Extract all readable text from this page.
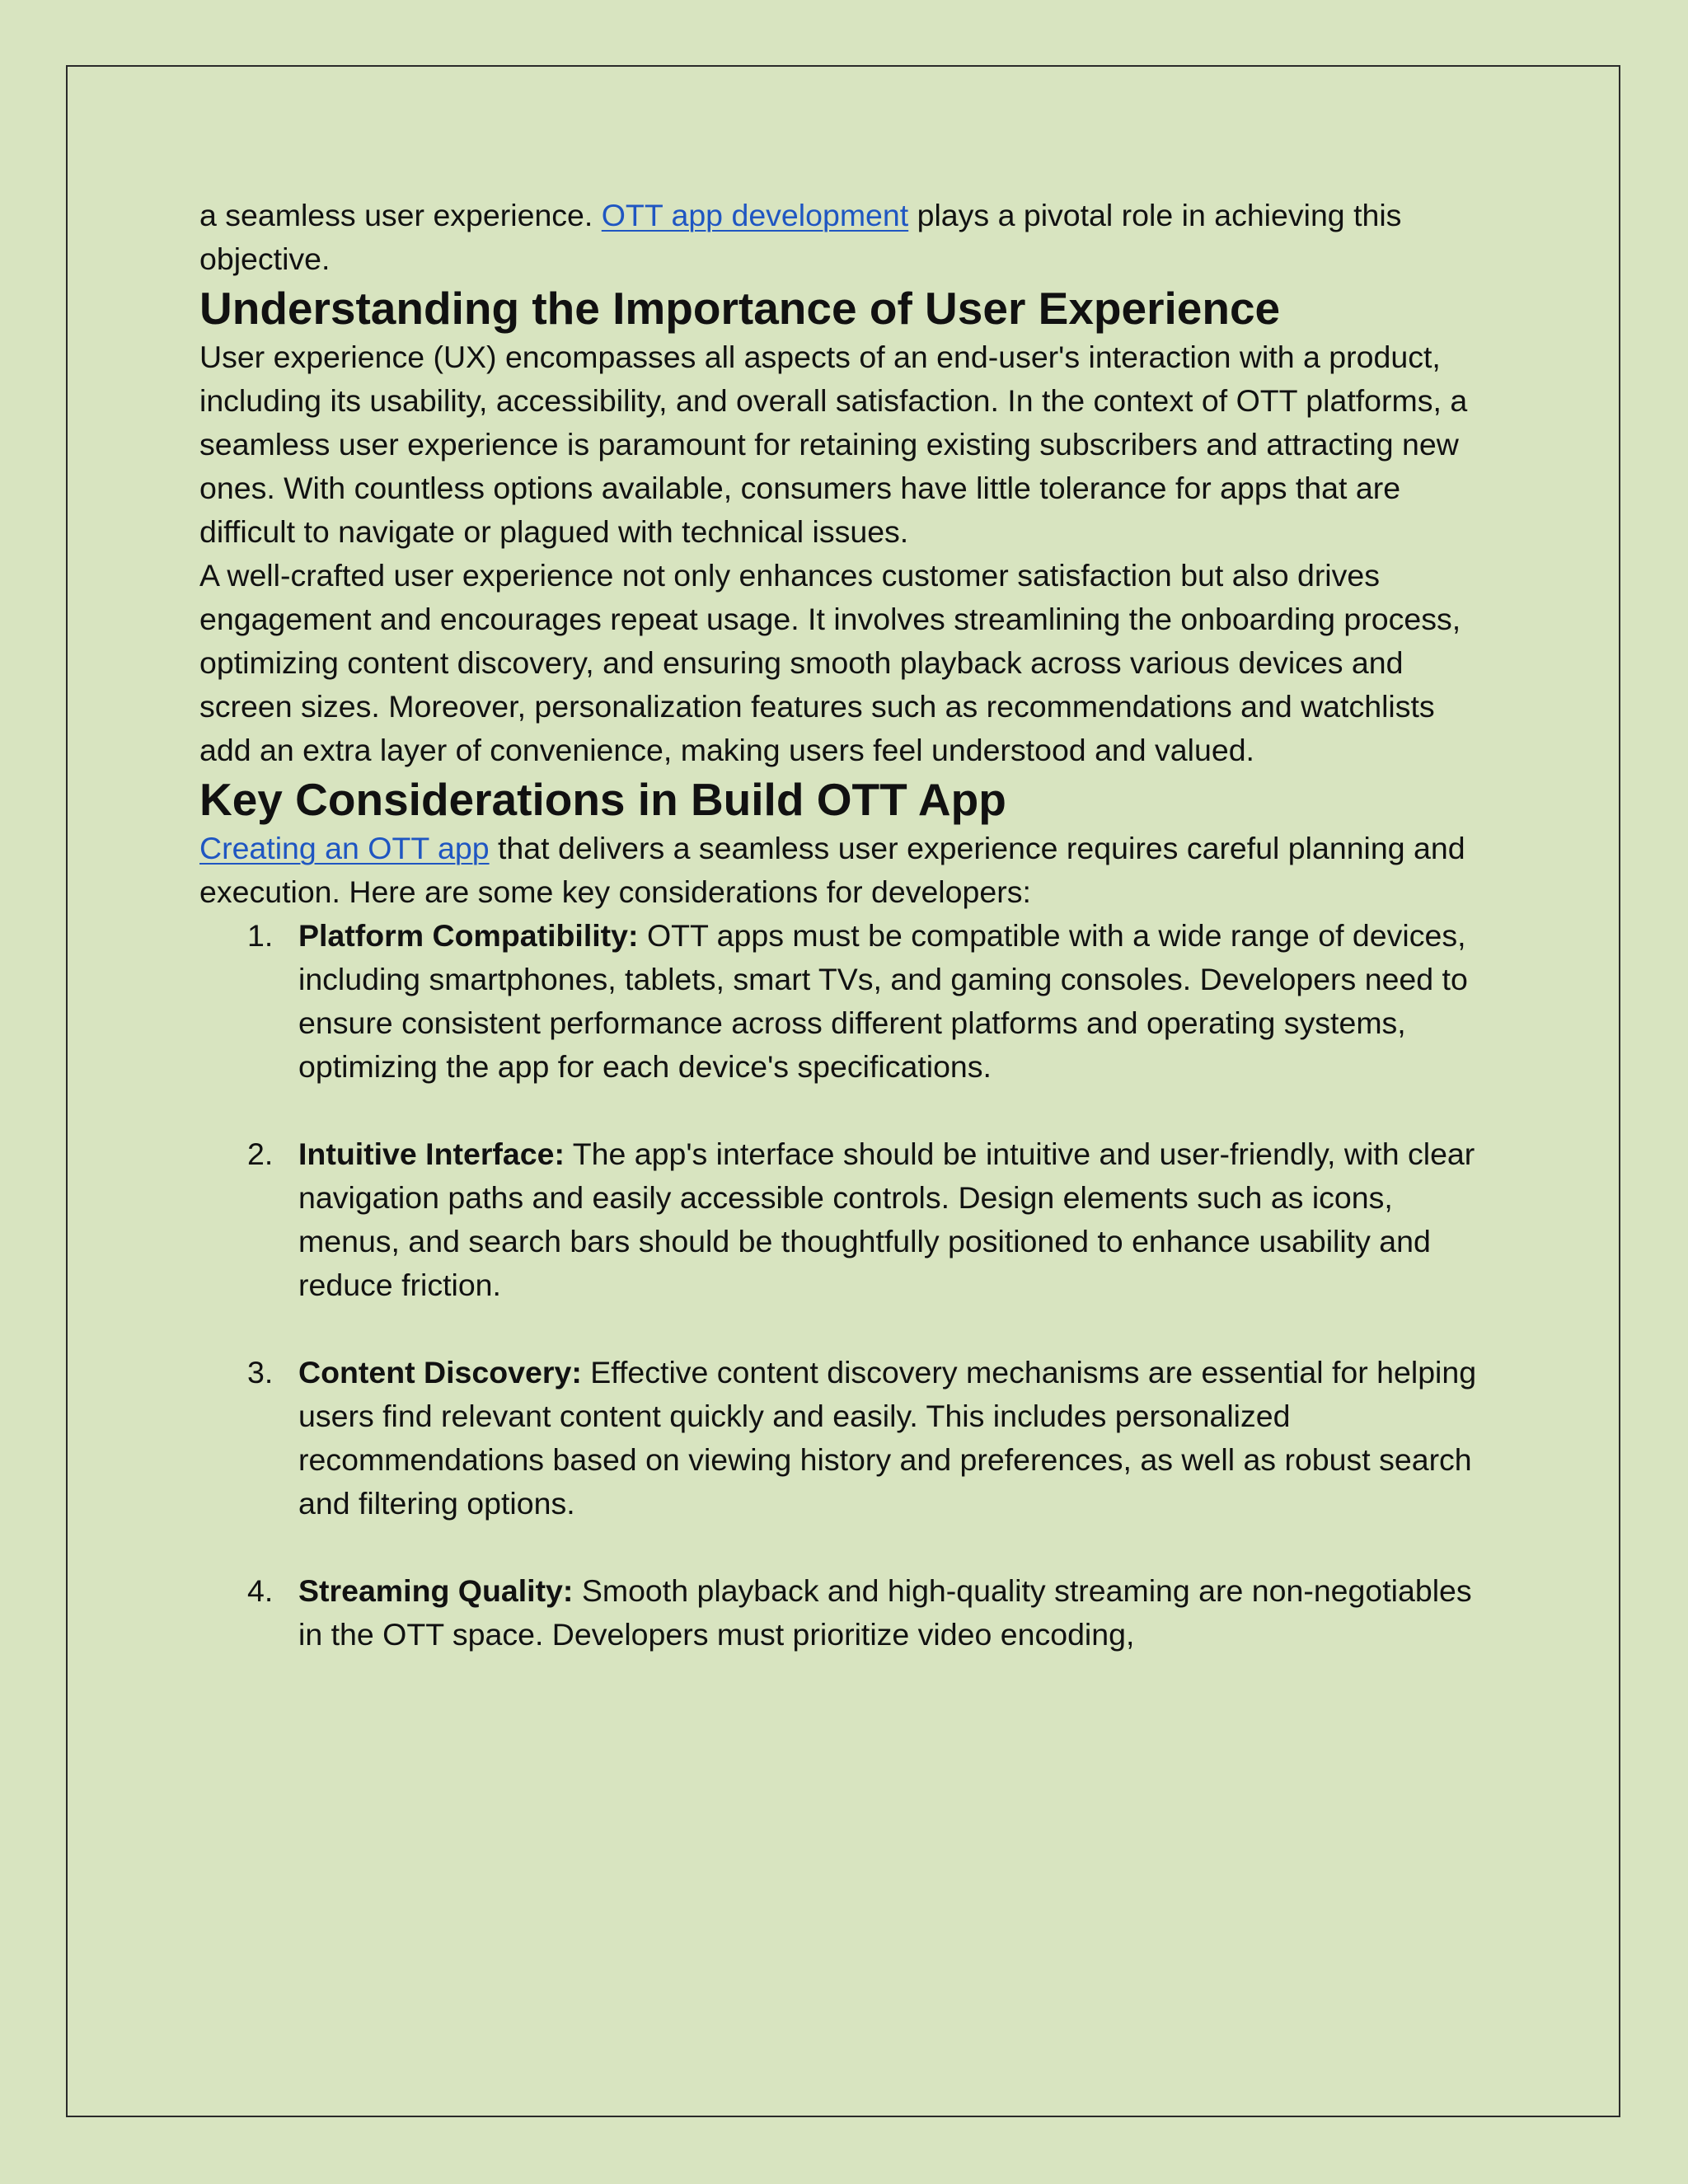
a seamless user experience. OTT app development plays a pivotal role in achieving this objective.

Understanding the Importance of User Experience

User experience (UX) encompasses all aspects of an end-user's interaction with a product, including its usability, accessibility, and overall satisfaction. In the context of OTT platforms, a seamless user experience is paramount for retaining existing subscribers and attracting new ones. With countless options available, consumers have little tolerance for apps that are difficult to navigate or plagued with technical issues.

A well-crafted user experience not only enhances customer satisfaction but also drives engagement and encourages repeat usage. It involves streamlining the onboarding process, optimizing content discovery, and ensuring smooth playback across various devices and screen sizes. Moreover, personalization features such as recommendations and watchlists add an extra layer of convenience, making users feel understood and valued.

Key Considerations in Build OTT App

Creating an OTT app that delivers a seamless user experience requires careful planning and execution. Here are some key considerations for developers:

1. Platform Compatibility: OTT apps must be compatible with a wide range of devices, including smartphones, tablets, smart TVs, and gaming consoles. Developers need to ensure consistent performance across different platforms and operating systems, optimizing the app for each device's specifications.
2. Intuitive Interface: The app's interface should be intuitive and user-friendly, with clear navigation paths and easily accessible controls. Design elements such as icons, menus, and search bars should be thoughtfully positioned to enhance usability and reduce friction.
3. Content Discovery: Effective content discovery mechanisms are essential for helping users find relevant content quickly and easily. This includes personalized recommendations based on viewing history and preferences, as well as robust search and filtering options.
4. Streaming Quality: Smooth playback and high-quality streaming are non-negotiables in the OTT space. Developers must prioritize video encoding,
